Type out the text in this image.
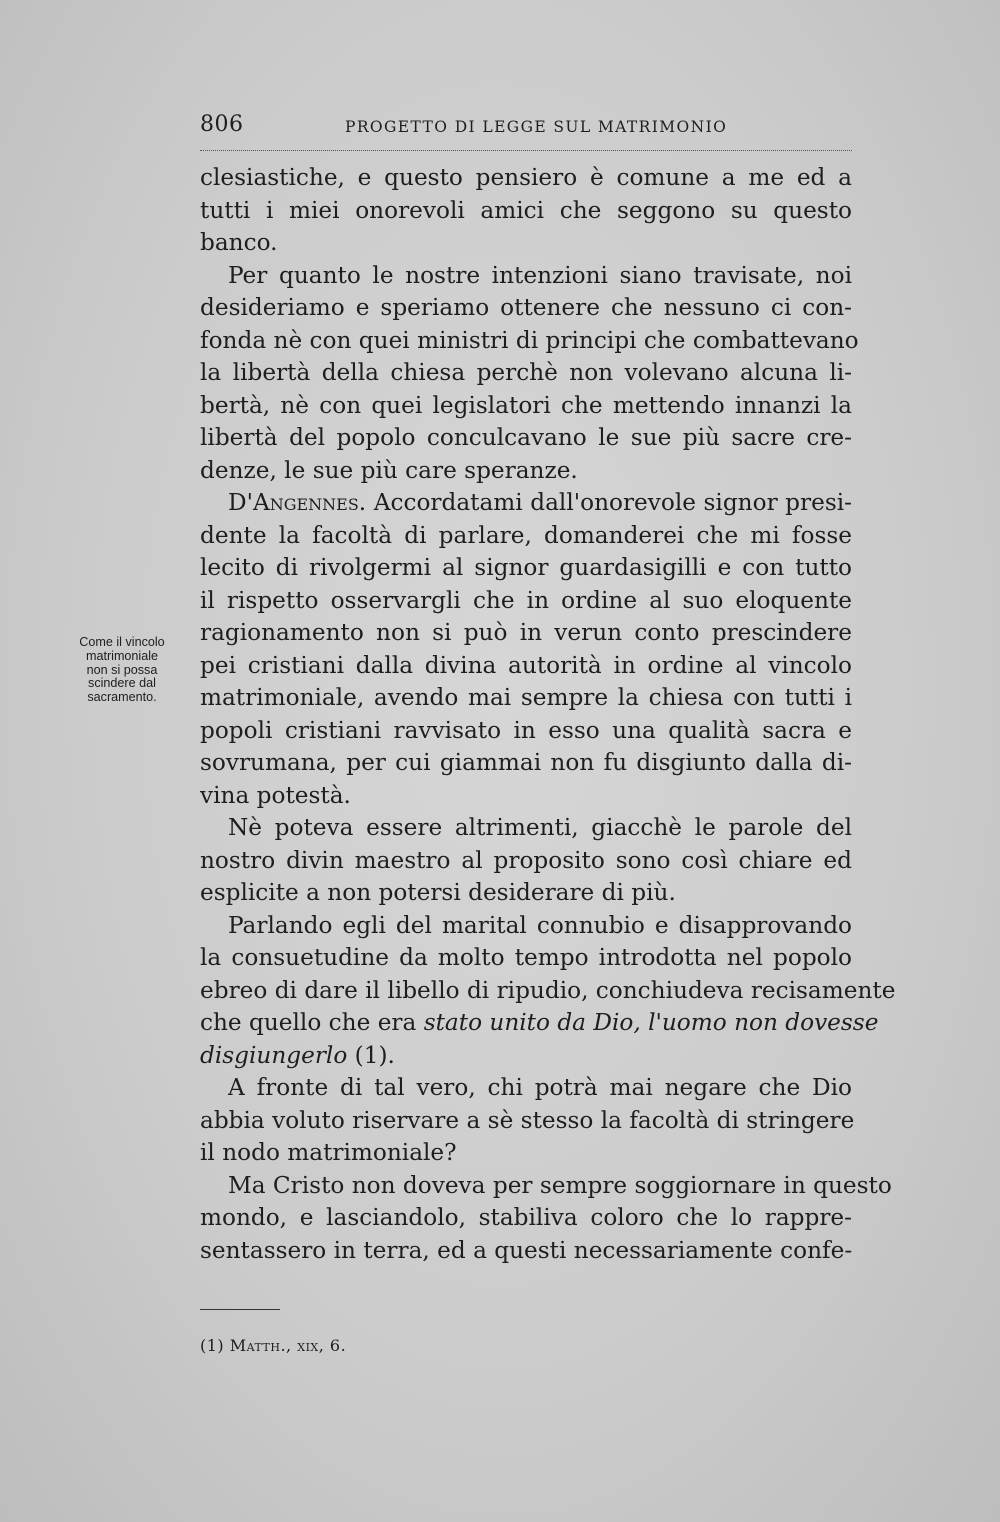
806	PROGETTO DI LEGGE SUL MATRIMONIO
Come il vincolo
matrimoniale
non si possa
scindere dal
sacramento.
clesiastiche, e questo pensiero è comune a me ed a
tutti i miei onorevoli amici che seggono su questo
banco.
Per quanto le nostre intenzioni siano travisate, noi
desideriamo e speriamo ottenere che nessuno ci con-
fonda nè con quei ministri di principi che combattevano
la libertà della chiesa perchè non volevano alcuna li-
bertà, nè con quei legislatori che mettendo innanzi la
libertà del popolo conculcavano le sue più sacre cre-
denze, le sue più care speranze.
D'Angennes. Accordatami dall'onorevole signor presi-
dente la facoltà di parlare, domanderei che mi fosse
lecito di rivolgermi al signor guardasigilli e con tutto
il rispetto osservargli che in ordine al suo eloquente
ragionamento non si può in verun conto prescindere
pei cristiani dalla divina autorità in ordine al vincolo
matrimoniale, avendo mai sempre la chiesa con tutti i
popoli cristiani ravvisato in esso una qualità sacra e
sovrumana, per cui giammai non fu disgiunto dalla di-
vina potestà.
Nè poteva essere altrimenti, giacchè le parole del
nostro divin maestro al proposito sono così chiare ed
esplicite a non potersi desiderare di più.
Parlando egli del marital connubio e disapprovando
la consuetudine da molto tempo introdotta nel popolo
ebreo di dare il libello di ripudio, conchiudeva recisamente
che quello che era stato unito da Dio, l'uomo non dovesse
disgiungerlo (1).
A fronte di tal vero, chi potrà mai negare che Dio
abbia voluto riservare a sè stesso la facoltà di stringere
il nodo matrimoniale?
Ma Cristo non doveva per sempre soggiornare in questo
mondo, e lasciandolo, stabiliva coloro che lo rappre-
sentassero in terra, ed a questi necessariamente confe-
(1) Matth., xix, 6.
